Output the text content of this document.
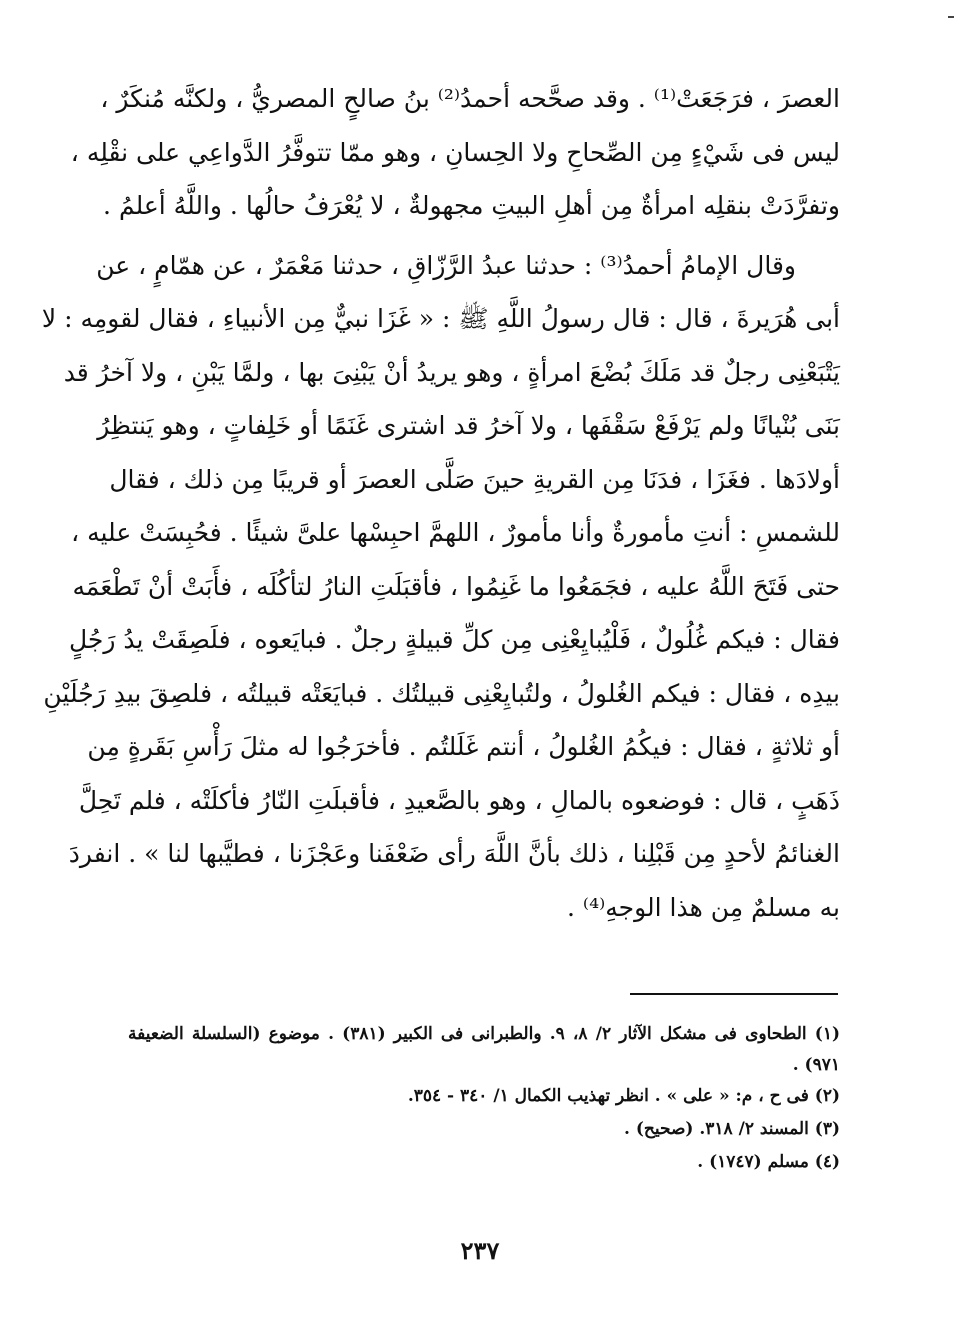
العصرَ ، فرَجَعَتْ⁽¹⁾ . وقد صحَّحه أحمدُ⁽²⁾ بنُ صالحٍ المصريُّ ، ولكنَّه مُنكَرٌ ،
ليس فى شَيْءٍ مِن الصِّحاحِ ولا الحِسانِ ، وهو ممّا تتوفَّرُ الدَّواعِي على نقْلِه ،
وتفرَّدَتْ بنقلِه امرأةٌ مِن أهلِ البيتِ مجهولةٌ ، لا يُعْرَفُ حالُها . واللَّهُ أعلمُ .
وقال الإمامُ أحمدُ⁽³⁾ : حدثنا عبدُ الرَّزّاقِ ، حدثنا مَعْمَرٌ ، عن همّامٍ ، عن
أبى هُرَيرةَ ، قال : قال رسولُ اللَّهِ ﷺ : « غَزَا نبيٌّ مِن الأنبياءِ ، فقال لقومِه : لا
يَتْبَعْنِى رجلٌ قد مَلَكَ بُضْعَ امرأةٍ ، وهو يريدُ أنْ يَبْنِىَ بها ، ولمَّا يَبْنِ ، ولا آخرُ قد
بَنَى بُنْيانًا ولم يَرْفَعْ سَقْفَها ، ولا آخرُ قد اشترى غَنَمًا أو خَلِفاتٍ ، وهو يَنتظِرُ
أولادَها . فغَزَا ، فدَنَا مِن القريةِ حينَ صَلَّى العصرَ أو قريبًا مِن ذلك ، فقال
للشمسِ : أنتِ مأمورةٌ وأنا مأمورٌ ، اللهمَّ احبِسْها علىَّ شيئًا . فحُبِسَتْ عليه ،
حتى فَتَحَ اللَّهُ عليه ، فجَمَعُوا ما غَنِمُوا ، فأقبَلَتِ النارُ لتأكُلَه ، فأَبَتْ أنْ تَطْعَمَه
فقال : فيكم غُلُولٌ ، فَلْيُبايِعْنِى مِن كلِّ قبيلةٍ رجلٌ . فبايَعوه ، فلَصِقَتْ يدُ رَجُلٍ
بيدِه ، فقال : فيكم الغُلولُ ، ولتُبايِعْنِى قبيلتُك . فبايَعَتْه قبيلتُه ، فلصِقَ بيدِ رَجُلَيْنِ
أو ثلاثةٍ ، فقال : فيكُمُ الغُلولُ ، أنتم غَلَلتُم . فأخرَجُوا له مثلَ رَأْسِ بَقَرةٍ مِن
ذَهَبٍ ، قال : فوضعوه بالمالِ ، وهو بالصَّعيدِ ، فأقبلَتِ النّارُ فأكلَتْه ، فلم تَحِلَّ
الغنائمُ لأحدٍ مِن قَبْلِنا ، ذلك بأنَّ اللَّهَ رأى ضَعْفَنا وعَجْزَنا ، فطيَّبها لنا » . انفردَ
به مسلمٌ مِن هذا الوجهِ⁽⁴⁾ .
(١) الطحاوى فى مشكل الآثار ٢/ ٨، ٩. والطبرانى فى الكبير (٣٨١) . موضوع (السلسلة الضعيفة
٩٧١) .
(٢) فى ح ، م: « على » . انظر تهذيب الكمال ١/ ٣٤٠ - ٣٥٤.
(٣) المسند ٢/ ٣١٨. (صحيح) .
(٤) مسلم (١٧٤٧) .
٢٣٧
